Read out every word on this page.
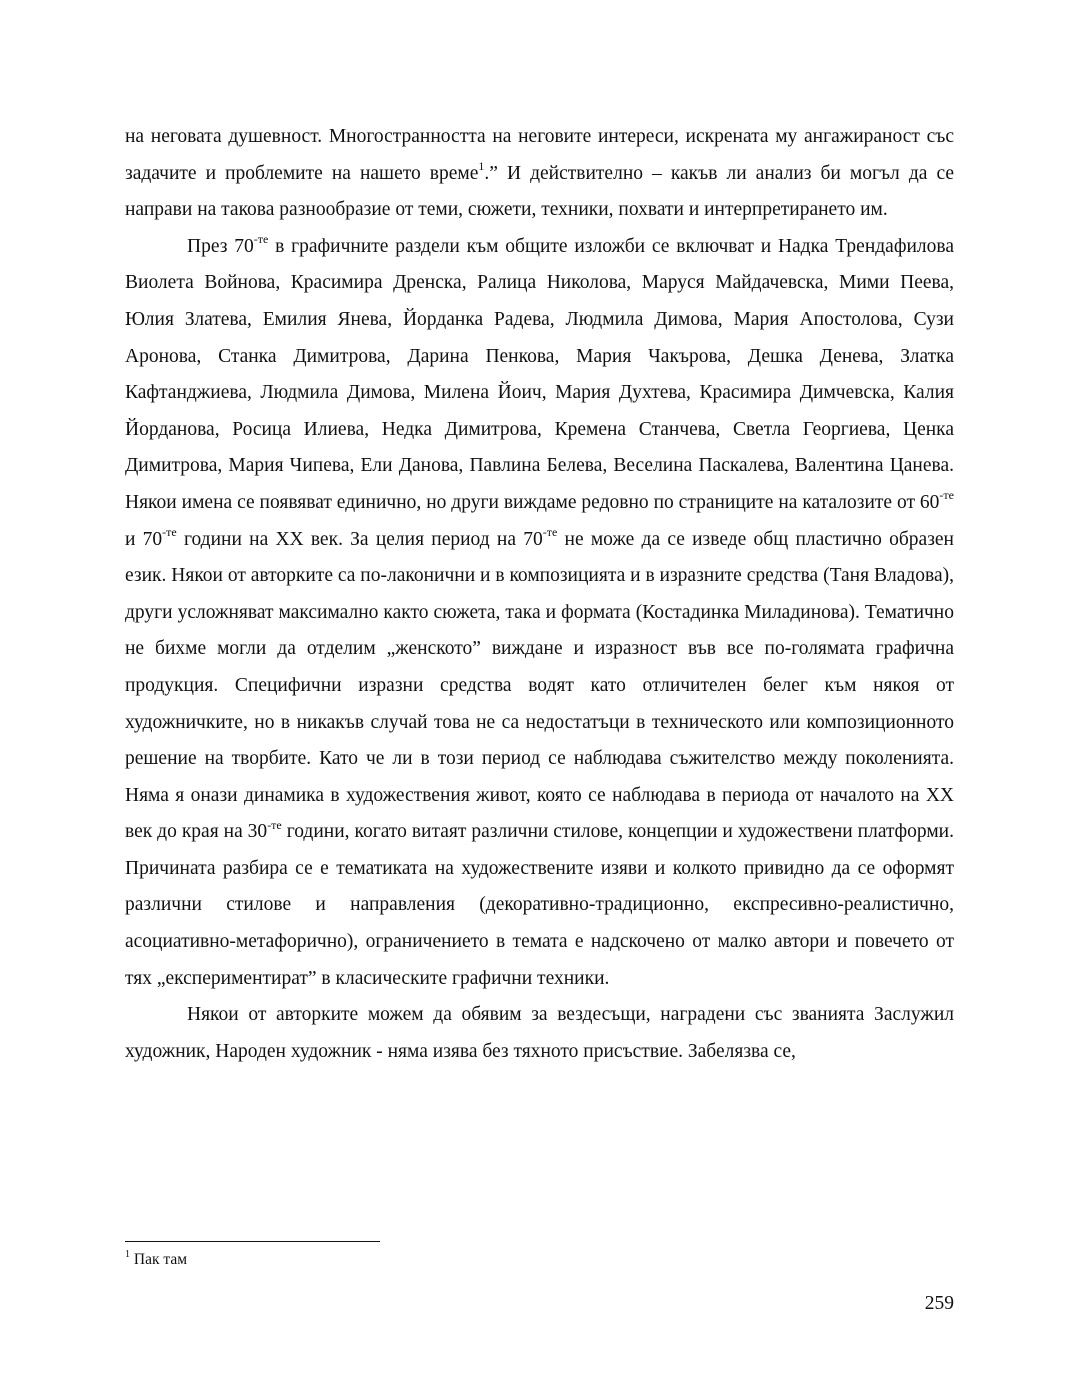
на неговата душевност. Многостранността на неговите интереси, искрената му ангажираност със задачите и проблемите на нашето време$^1$.” И действително – какъв ли анализ би могъл да се направи на такова разнообразие от теми, сюжети, техники, похвати и интерпретирането им.

През $70^{-те}$ в графичните раздели към общите изложби се включват и Надка Трендафилова Виолета Войнова, Красимира Дренска, Ралица Николова, Маруся Майдачевска, Мими Пеева, Юлия Златева, Емилия Янева, Йорданка Радева, Людмила Димова, Мария Апостолова, Сузи Аронова, Станка Димитрова, Дарина Пенкова, Мария Чакърова, Дешка Денева, Златка Кафтанджиева, Людмила Димова, Милена Йоич, Мария Духтева, Красимира Димчевска, Калия Йорданова, Росица Илиева, Недка Димитрова, Кремена Станчева, Светла Георгиева, Ценка Димитрова, Мария Чипева, Ели Данова, Павлина Белева, Веселина Паскалева, Валентина Цанева. Някои имена се появяват единично, но други виждаме редовно по страниците на каталозите от $60^{-те}$ и $70^{-те}$ години на XX век. За целия период на $70^{-те}$ не може да се изведе общ пластично образен език. Някои от авторките са по-лаконични и в композицията и в изразните средства (Таня Владова), други усложняват максимално както сюжета, така и формата (Костадинка Миладинова). Тематично не бихме могли да отделим „женското” виждане и изразност във все по-голямата графична продукция. Специфични изразни средства водят като отличителен белег към някоя от художничките, но в никакъв случай това не са недостатъци в техническото или композиционното решение на творбите. Като че ли в този период се наблюдава съжителство между поколенията. Няма я онази динамика в художествения живот, която се наблюдава в периода от началото на XX век до края на $30^{-те}$ години, когато витаят различни стилове, концепции и художествени платформи. Причината разбира се е тематиката на художествените изяви и колкото привидно да се оформят различни стилове и направления (декоративно-традиционно, експресивно-реалистично, асоциативно-метафорично), ограничението в темата е надскочено от малко автори и повечето от тях „експериментират” в класическите графични техники.

Някои от авторките можем да обявим за вездесъщи, наградени със званията Заслужил художник, Народен художник - няма изява без тяхното присъствие. Забелязва се,

$^1$ Пак там
259
